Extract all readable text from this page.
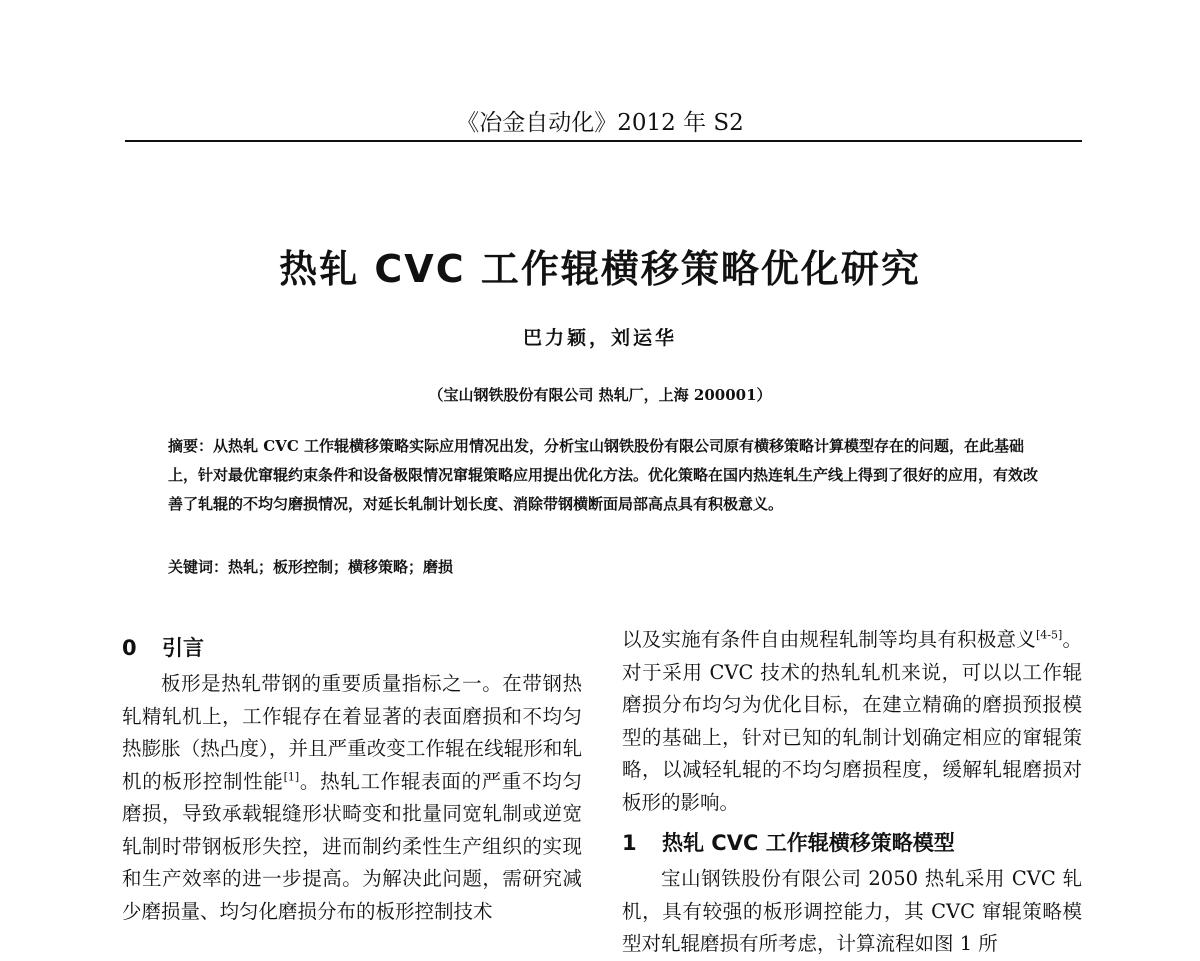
《冶金自动化》2012 年 S2
热轧 CVC 工作辊横移策略优化研究
巴力颖，刘运华
（宝山钢铁股份有限公司 热轧厂，上海 200001）

摘要：从热轧 CVC 工作辊横移策略实际应用情况出发，分析宝山钢铁股份有限公司原有横移策略计算模型存在的问题，在此基础上，针对最优窜辊约束条件和设备极限情况窜辊策略应用提出优化方法。优化策略在国内热连轧生产线上得到了很好的应用，有效改善了轧辊的不均匀磨损情况，对延长轧制计划长度、消除带钢横断面局部高点具有积极意义。

关键词：热轧；板形控制；横移策略；磨损

0 引言

板形是热轧带钢的重要质量指标之一。在带钢热轧精轧机上，工作辊存在着显著的表面磨损和不均匀热膨胀（热凸度），并且严重改变工作辊在线辊形和轧机的板形控制性能[1]。热轧工作辊表面的严重不均匀磨损，导致承载辊缝形状畸变和批量同宽轧制或逆宽轧制时带钢板形失控，进而制约柔性生产组织的实现和生产效率的进一步提高。为解决此问题，需研究减少磨损量、均匀化磨损分布的板形控制技术

以及实施有条件自由规程轧制等均具有积极意义[4-5]。对于采用 CVC 技术的热轧轧机来说，可以以工作辊磨损分布均匀为优化目标，在建立精确的磨损预报模型的基础上，针对已知的轧制计划确定相应的窜辊策略，以减轻轧辊的不均匀磨损程度，缓解轧辊磨损对板形的影响。

1 热轧 CVC 工作辊横移策略模型

宝山钢铁股份有限公司 2050 热轧采用 CVC 轧机，具有较强的板形调控能力，其 CVC 窜辊策略模型对轧辊磨损有所考虑，计算流程如图 1 所
